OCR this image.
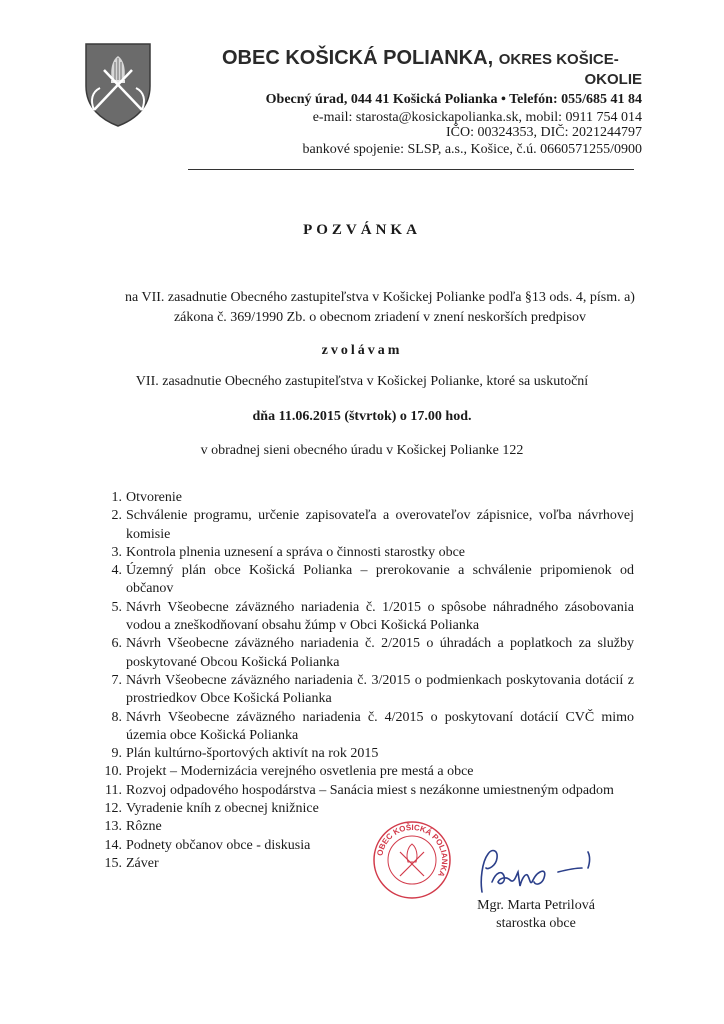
OBEC KOŠICKÁ POLIANKA, OKRES KOŠICE-
OKOLIE
Obecný úrad, 044 41 Košická Polianka • Telefón: 055/685 41 84
e-mail: starosta@kosickapolianka.sk, mobil: 0911 754 014
IČO: 00324353, DIČ: 2021244797
bankové spojenie: SLSP, a.s., Košice, č.ú. 0660571255/0900
POZVÁNKA
na VII. zasadnutie Obecného zastupiteľstva v Košickej Polianke podľa §13 ods. 4, písm. a)
zákona č. 369/1990 Zb. o obecnom zriadení v znení neskorších predpisov
zvolávam
VII. zasadnutie Obecného zastupiteľstva v Košickej Polianke, ktoré sa uskutoční
dňa 11.06.2015 (štvrtok) o 17.00 hod.
v obradnej sieni obecného úradu v Košickej Polianke 122
1. Otvorenie
2. Schválenie programu, určenie zapisovateľa a overovateľov zápisnice, voľba návrhovej komisie
3. Kontrola plnenia uznesení a správa o činnosti starostky obce
4. Územný plán obce Košická Polianka – prerokovanie a schválenie pripomienok od občanov
5. Návrh Všeobecne záväzného nariadenia č. 1/2015 o spôsobe náhradného zásobovania vodou a zneškodňovaní obsahu žúmp v Obci Košická Polianka
6. Návrh Všeobecne záväzného nariadenia č. 2/2015 o úhradách a poplatkoch za služby poskytované Obcou Košická Polianka
7. Návrh Všeobecne záväzného nariadenia č. 3/2015 o podmienkach poskytovania dotácií z prostriedkov Obce Košická Polianka
8. Návrh Všeobecne záväzného nariadenia č. 4/2015 o poskytovaní dotácií CVČ mimo územia obce Košická Polianka
9. Plán kultúrno-športových aktivít na rok 2015
10. Projekt – Modernizácia verejného osvetlenia pre mestá a obce
11. Rozvoj odpadového hospodárstva – Sanácia miest s nezákonne umiestneným odpadom
12. Vyradenie kníh z obecnej knižnice
13. Rôzne
14. Podnety občanov obce - diskusia
15. Záver
OBEC KOŠICKÁ POLIANKA
Mgr. Marta Petrilová
starostka obce
